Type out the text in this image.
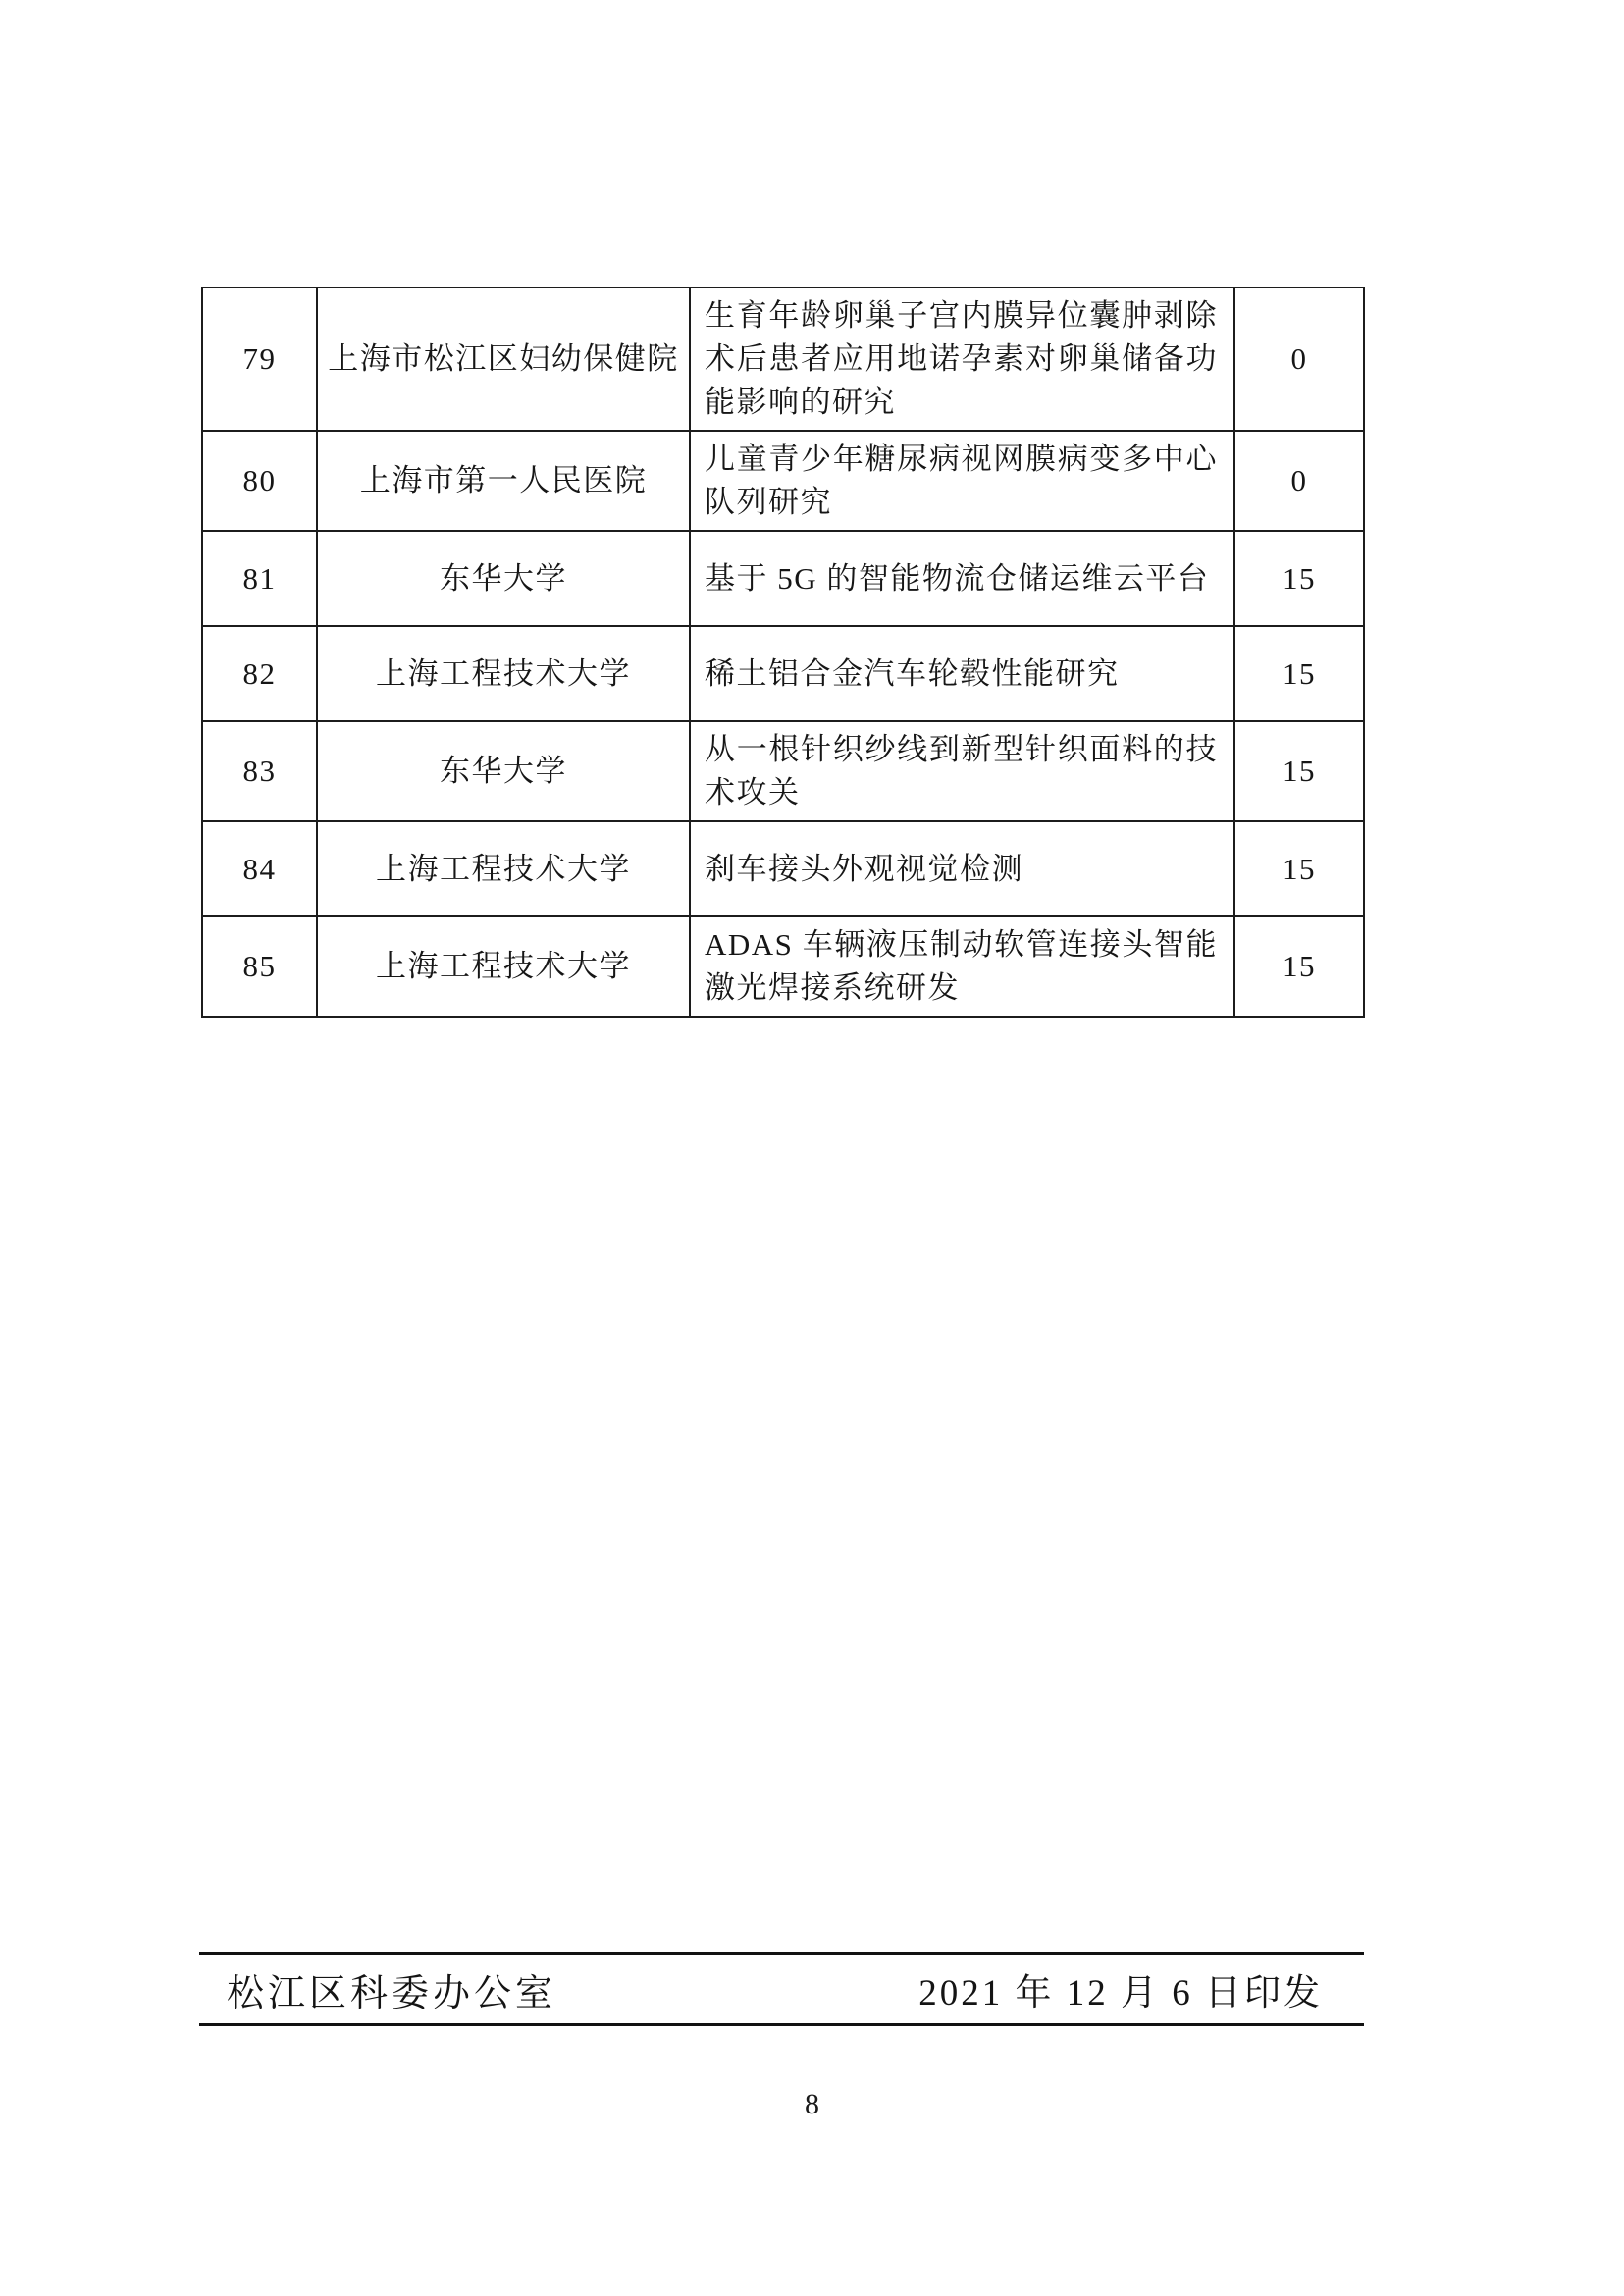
79	上海市松江区妇幼保健院	生育年龄卵巢子宫内膜异位囊肿剥除术后患者应用地诺孕素对卵巢储备功能影响的研究	0
80	上海市第一人民医院	儿童青少年糖尿病视网膜病变多中心队列研究	0
81	东华大学	基于 5G 的智能物流仓储运维云平台	15
82	上海工程技术大学	稀土铝合金汽车轮毂性能研究	15
83	东华大学	从一根针织纱线到新型针织面料的技术攻关	15
84	上海工程技术大学	刹车接头外观视觉检测	15
85	上海工程技术大学	ADAS 车辆液压制动软管连接头智能激光焊接系统研发	15
松江区科委办公室	2021 年 12 月 6 日印发
8
